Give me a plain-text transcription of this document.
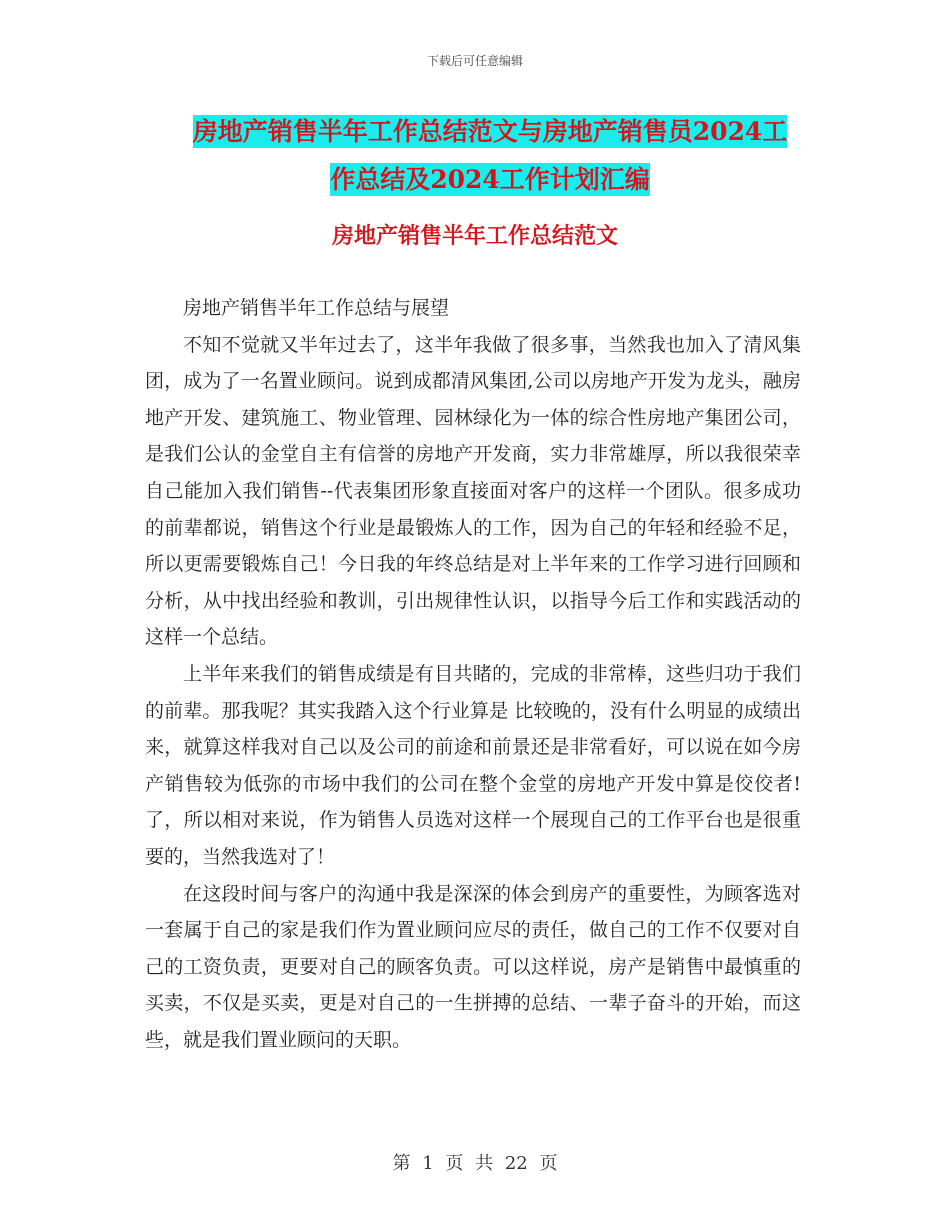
下载后可任意编辑
房地产销售半年工作总结范文与房地产销售员2024工
作总结及2024工作计划汇编
房地产销售半年工作总结范文

房地产销售半年工作总结与展望

不知不觉就又半年过去了，这半年我做了很多事，当然我也加入了清风集团，成为了一名置业顾问。说到成都清风集团,公司以房地产开发为龙头，融房地产开发、建筑施工、物业管理、园林绿化为一体的综合性房地产集团公司，是我们公认的金堂自主有信誉的房地产开发商，实力非常雄厚，所以我很荣幸自己能加入我们销售--代表集团形象直接面对客户的这样一个团队。很多成功的前辈都说，销售这个行业是最锻炼人的工作，因为自己的年轻和经验不足，所以更需要锻炼自己！今日我的年终总结是对上半年来的工作学习进行回顾和分析，从中找出经验和教训，引出规律性认识，以指导今后工作和实践活动的这样一个总结。

上半年来我们的销售成绩是有目共睹的，完成的非常棒，这些归功于我们的前辈。那我呢？其实我踏入这个行业算是 比较晚的，没有什么明显的成绩出来，就算这样我对自己以及公司的前途和前景还是非常看好，可以说在如今房产销售较为低弥的市场中我们的公司在整个金堂的房地产开发中算是佼佼者!了，所以相对来说，作为销售人员选对这样一个展现自己的工作平台也是很重要的，当然我选对了！

在这段时间与客户的沟通中我是深深的体会到房产的重要性，为顾客选对一套属于自己的家是我们作为置业顾问应尽的责任，做自己的工作不仅要对自己的工资负责，更要对自己的顾客负责。可以这样说，房产是销售中最慎重的买卖，不仅是买卖，更是对自己的一生拼搏的总结、一辈子奋斗的开始，而这些，就是我们置业顾问的天职。

第 1 页 共 22 页
